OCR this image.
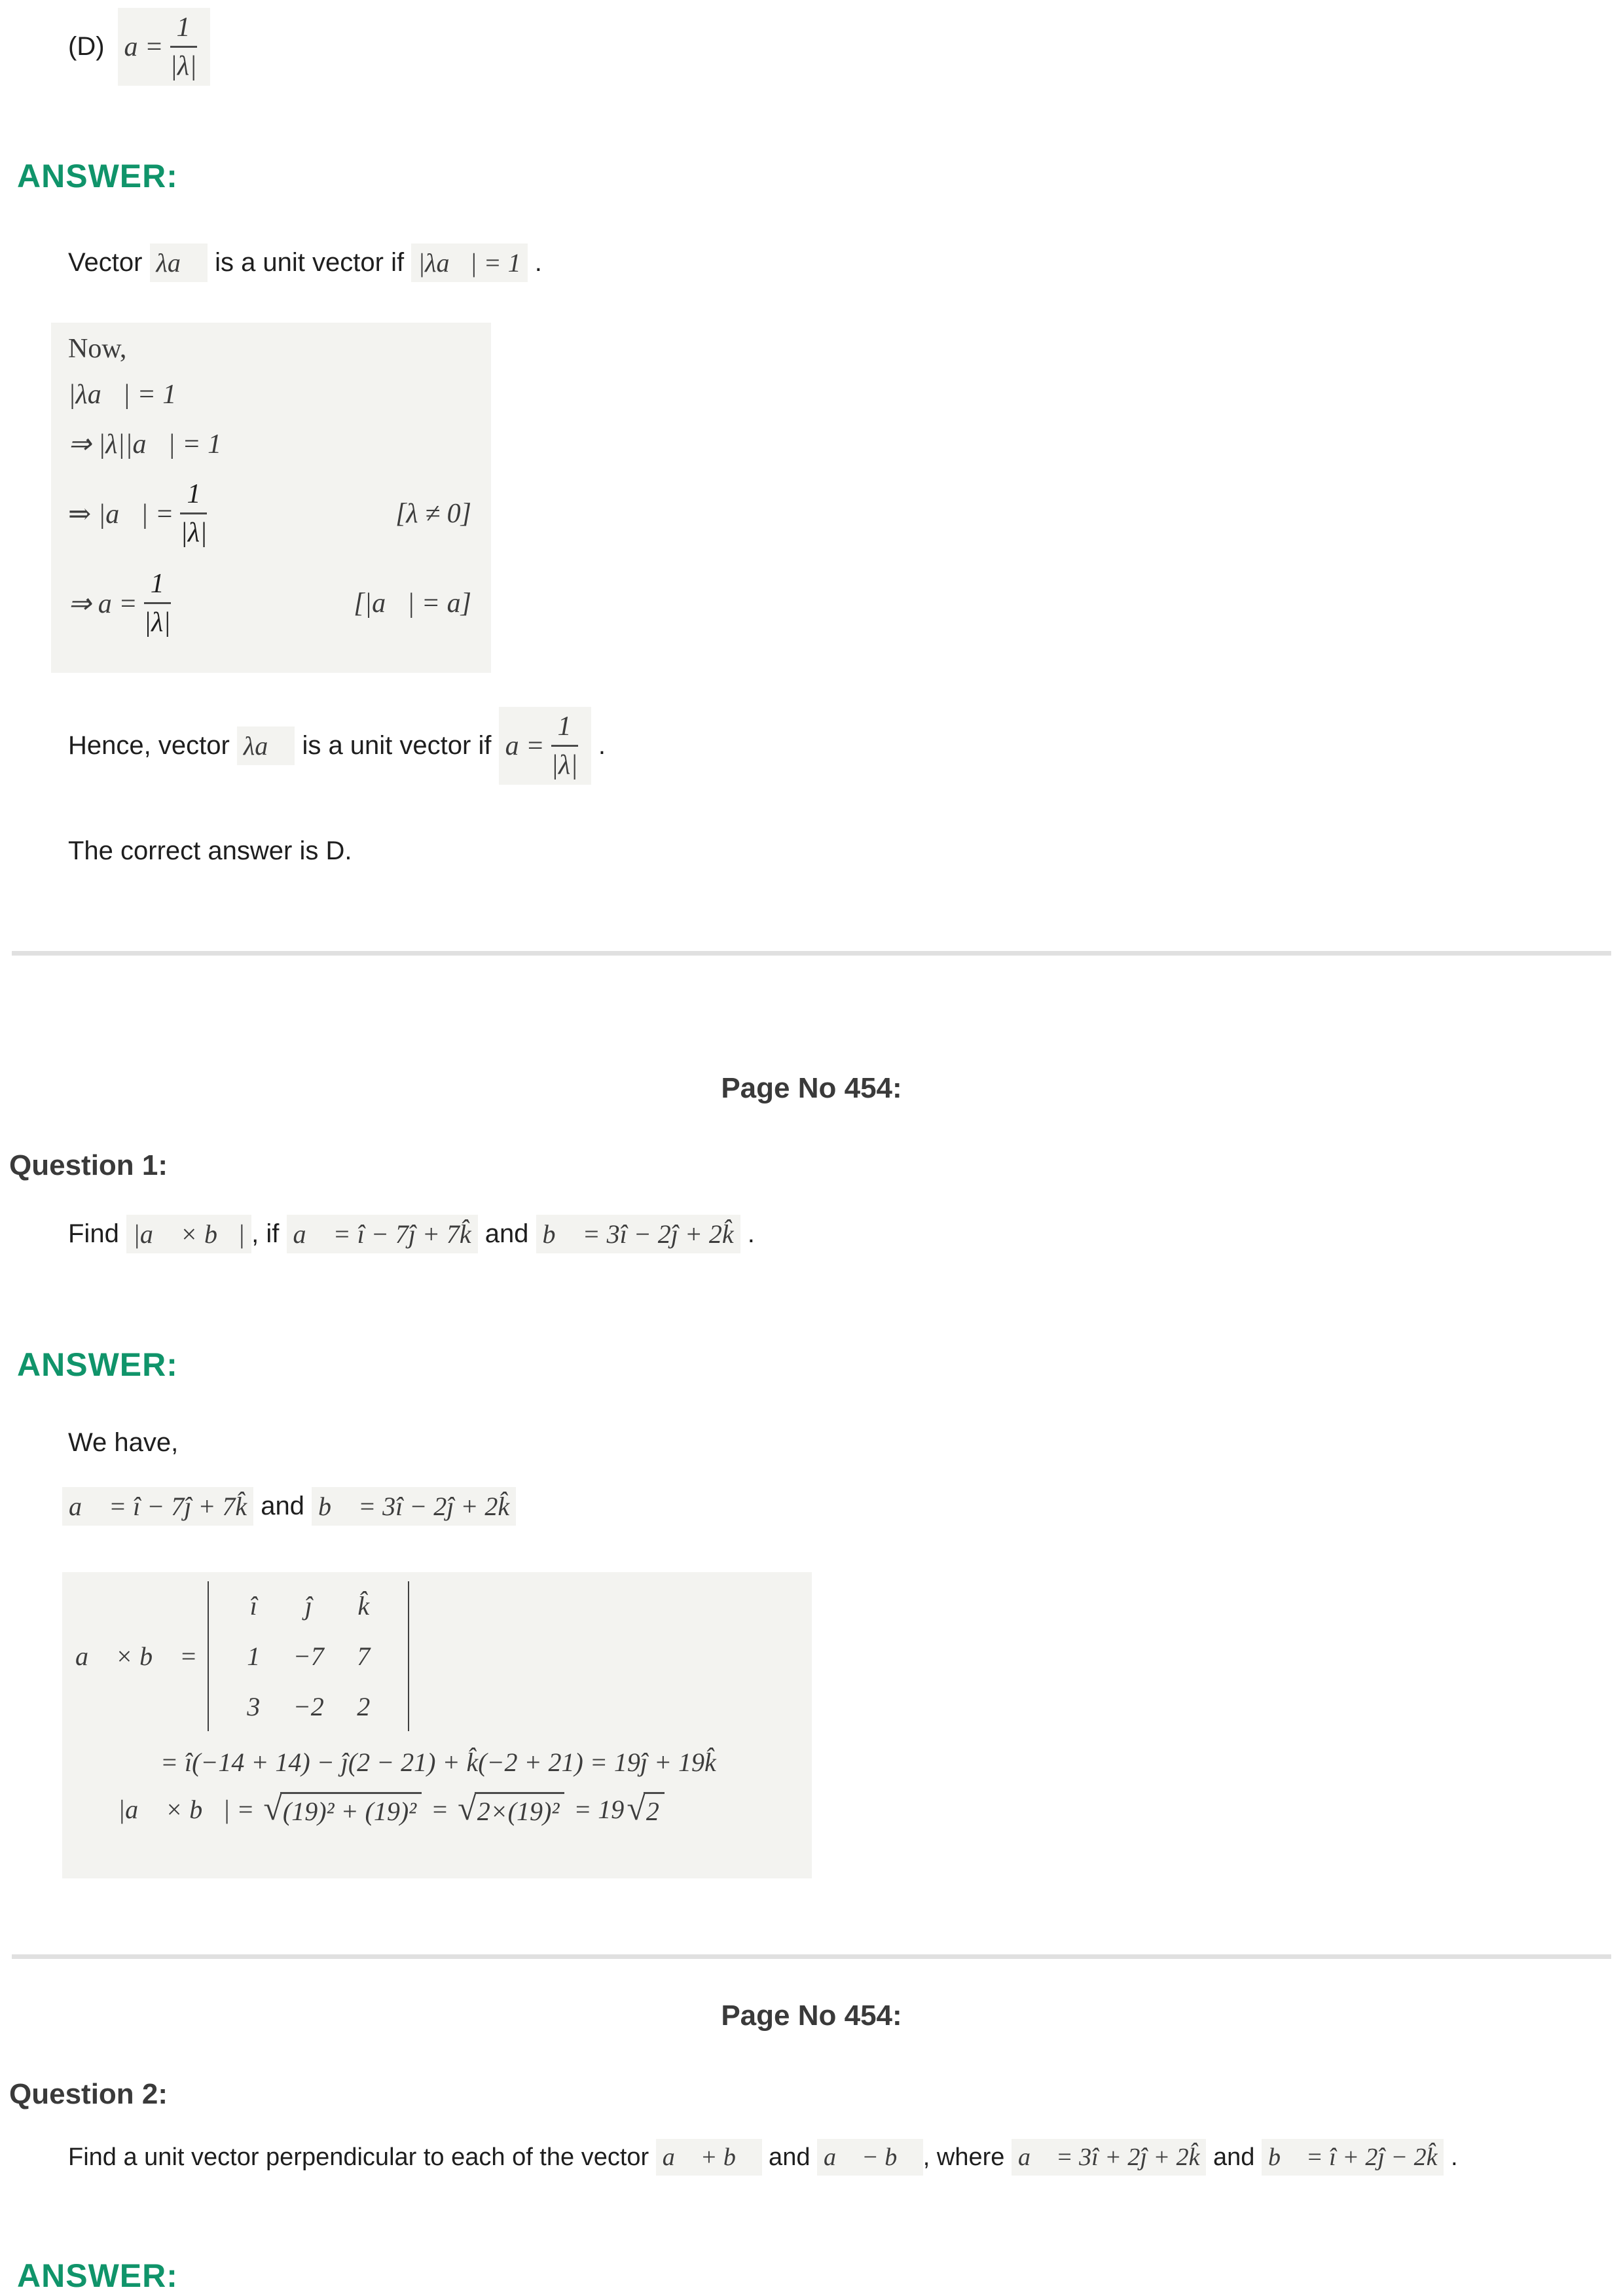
(D) $a = \frac{1}{|\lambda|}$
ANSWER:
Vector λa⃗ is a unit vector if |λa⃗| = 1 .
Now,
|λa⃗| = 1
⇒ |λ||a⃗| = 1
⇒ |a⃗| = $\frac{1}{|\lambda|}$	[λ ≠ 0]
⇒ $a = \frac{1}{|\lambda|}$	[|a⃗| = a]
Hence, vector λa⃗ is a unit vector if $a = \frac{1}{|\lambda|}$ .
The correct answer is D.
Page No 454:
Question 1:
Find |a⃗ × b⃗| , if a⃗ = î − 7ĵ + 7k̂ and b⃗ = 3î − 2ĵ + 2k̂ .
ANSWER:
We have,
a⃗ = î − 7ĵ + 7k̂ and b⃗ = 3î − 2ĵ + 2k̂
a⃗ × b⃗ =
î ĵ k̂
1 −7 7
3 −2 2
= î(−14 + 14) − ĵ(2 − 21) + k̂(−2 + 21) = 19ĵ + 19k̂
∴ |a⃗ × b⃗| = √ (19)² + (19)² = √ 2×(19)² = 19 √ 2
Page No 454:
Question 2:
Find a unit vector perpendicular to each of the vector a⃗ + b⃗ and a⃗ − b⃗ , where a⃗ = 3î + 2ĵ + 2k̂ and b⃗ = î + 2ĵ − 2k̂ .
ANSWER:
